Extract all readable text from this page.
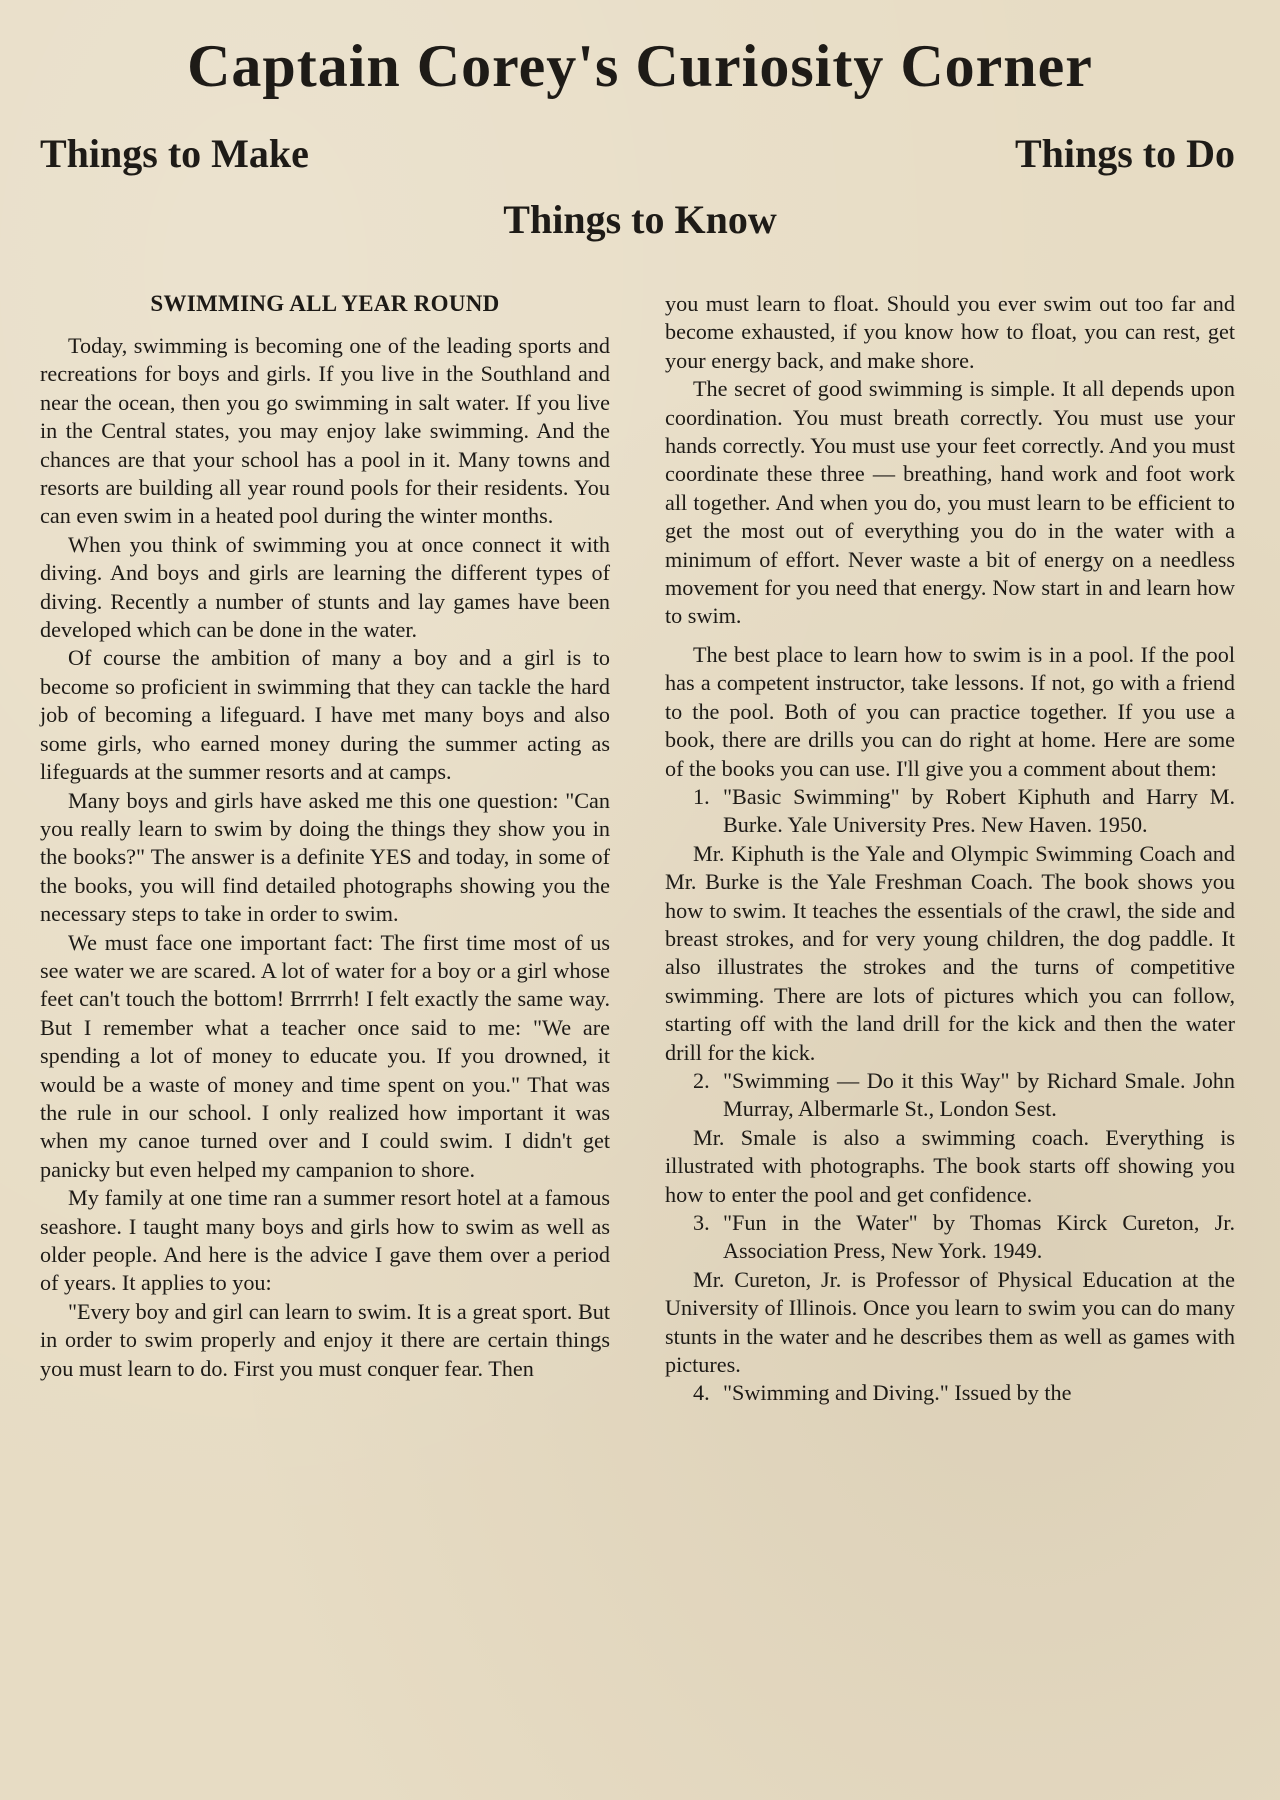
Captain Corey's Curiosity Corner
Things to Make	Things to Do
Things to Know
SWIMMING ALL YEAR ROUND

Today, swimming is becoming one of the leading sports and recreations for boys and girls. If you live in the Southland and near the ocean, then you go swimming in salt water. If you live in the Central states, you may enjoy lake swimming. And the chances are that your school has a pool in it. Many towns and resorts are building all year round pools for their residents. You can even swim in a heated pool during the winter months.

When you think of swimming you at once connect it with diving. And boys and girls are learning the different types of diving. Recently a number of stunts and lay games have been developed which can be done in the water.

Of course the ambition of many a boy and a girl is to become so proficient in swimming that they can tackle the hard job of becoming a lifeguard. I have met many boys and also some girls, who earned money during the summer acting as lifeguards at the summer resorts and at camps.

Many boys and girls have asked me this one question: "Can you really learn to swim by doing the things they show you in the books?" The answer is a definite YES and today, in some of the books, you will find detailed photographs showing you the necessary steps to take in order to swim.

We must face one important fact: The first time most of us see water we are scared. A lot of water for a boy or a girl whose feet can't touch the bottom! Brrrrrh! I felt exactly the same way. But I remember what a teacher once said to me: "We are spending a lot of money to educate you. If you drowned, it would be a waste of money and time spent on you." That was the rule in our school. I only realized how important it was when my canoe turned over and I could swim. I didn't get panicky but even helped my campanion to shore.

My family at one time ran a summer resort hotel at a famous seashore. I taught many boys and girls how to swim as well as older people. And here is the advice I gave them over a period of years. It applies to you:

"Every boy and girl can learn to swim. It is a great sport. But in order to swim properly and enjoy it there are certain things you must learn to do. First you must conquer fear. Then

you must learn to float. Should you ever swim out too far and become exhausted, if you know how to float, you can rest, get your energy back, and make shore.

The secret of good swimming is simple. It all depends upon coordination. You must breath correctly. You must use your hands correctly. You must use your feet correctly. And you must coordinate these three — breathing, hand work and foot work all together. And when you do, you must learn to be efficient to get the most out of everything you do in the water with a minimum of effort. Never waste a bit of energy on a needless movement for you need that energy. Now start in and learn how to swim.

The best place to learn how to swim is in a pool. If the pool has a competent instructor, take lessons. If not, go with a friend to the pool. Both of you can practice together. If you use a book, there are drills you can do right at home. Here are some of the books you can use. I'll give you a comment about them:

1. "Basic Swimming" by Robert Kiphuth and Harry M. Burke. Yale University Pres. New Haven. 1950.

Mr. Kiphuth is the Yale and Olympic Swimming Coach and Mr. Burke is the Yale Freshman Coach. The book shows you how to swim. It teaches the essentials of the crawl, the side and breast strokes, and for very young children, the dog paddle. It also illustrates the strokes and the turns of competitive swimming. There are lots of pictures which you can follow, starting off with the land drill for the kick and then the water drill for the kick.

2. "Swimming — Do it this Way" by Richard Smale. John Murray, Albermarle St., London Sest.

Mr. Smale is also a swimming coach. Everything is illustrated with photographs. The book starts off showing you how to enter the pool and get confidence.

3. "Fun in the Water" by Thomas Kirck Cureton, Jr. Association Press, New York. 1949.

Mr. Cureton, Jr. is Professor of Physical Education at the University of Illinois. Once you learn to swim you can do many stunts in the water and he describes them as well as games with pictures.

4. "Swimming and Diving." Issued by the
